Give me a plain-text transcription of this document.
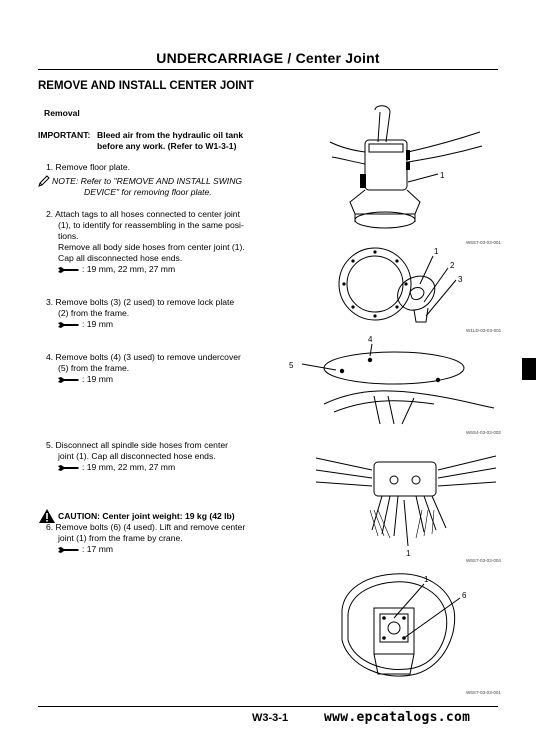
UNDERCARRIAGE / Center Joint
REMOVE AND INSTALL CENTER JOINT
Removal
IMPORTANT: Bleed air from the hydraulic oil tank
before any work. (Refer to W1-3-1)
1. Remove floor plate.
NOTE: Refer to "REMOVE AND INSTALL SWING
DEVICE" for removing floor plate.
2. Attach tags to all hoses connected to center joint
(1), to identify for reassembling in the same posi-
tions.
Remove all body side hoses from center joint (1).
Cap all disconnected hose ends.
: 19 mm, 22 mm, 27 mm
3. Remove bolts (3) (2 used) to remove lock plate
(2) from the frame.
: 19 mm
4. Remove bolts (4) (3 used) to remove undercover
(5) from the frame.
: 19 mm
5. Disconnect all spindle side hoses from center
joint (1). Cap all disconnected hose ends.
: 19 mm, 22 mm, 27 mm
CAUTION: Center joint weight: 19 kg (42 lb)
6. Remove bolts (6) (4 used). Lift and remove center
joint (1) from the frame by crane.
: 17 mm
1
W6S7-03-03-001
1
2
3
W1LD-03-03-001
5
4
W6S4-03-03-002
1
W6S7-03-03-004
1
6
W6S7-03-03-001
W3-3-1	www.epcatalogs.com
